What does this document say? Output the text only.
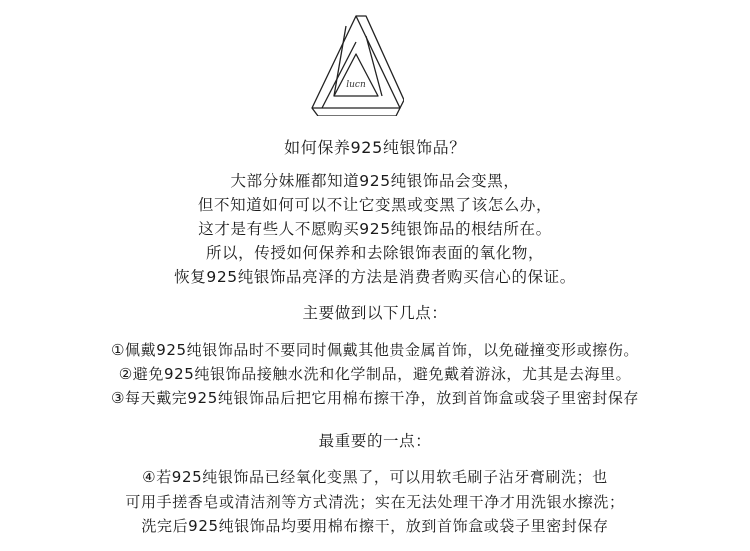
lucn
如何保养925纯银饰品？
大部分妹雁都知道925纯银饰品会变黑，
但不知道如何可以不让它变黑或变黑了该怎么办，
这才是有些人不愿购买925纯银饰品的根结所在。
所以，传授如何保养和去除银饰表面的氧化物，
恢复925纯银饰品亮泽的方法是消费者购买信心的保证。
主要做到以下几点：
①佩戴925纯银饰品时不要同时佩戴其他贵金属首饰，以免碰撞变形或擦伤。
②避免925纯银饰品接触水洗和化学制品，避免戴着游泳，尤其是去海里。
③每天戴完925纯银饰品后把它用棉布擦干净，放到首饰盒或袋子里密封保存
最重要的一点：
④若925纯银饰品已经氧化变黑了，可以用软毛刷子沾牙膏刷洗；也
可用手搓香皂或清洁剂等方式清洗；实在无法处理干净才用洗银水擦洗；
洗完后925纯银饰品均要用棉布擦干，放到首饰盒或袋子里密封保存
